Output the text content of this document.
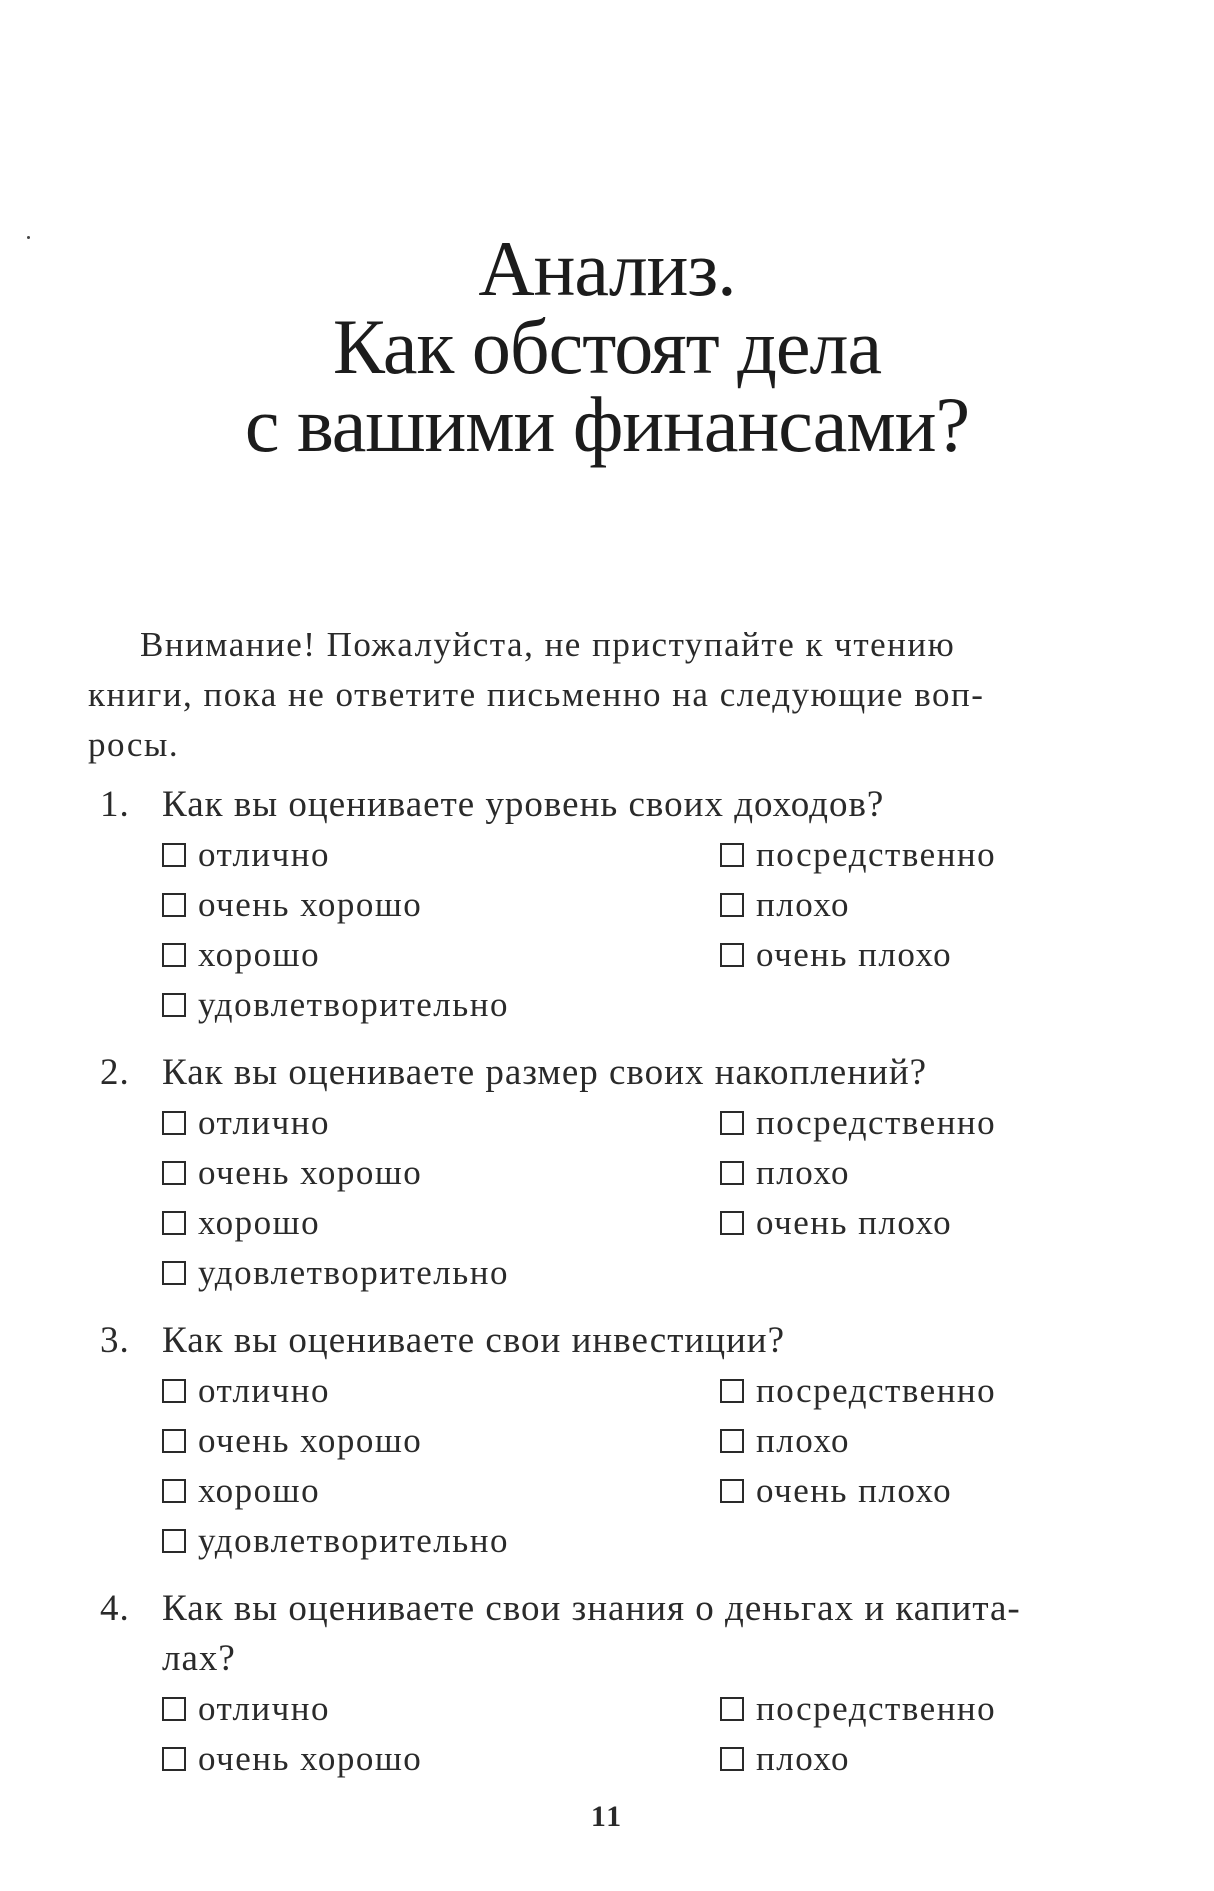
Анализ.
Как обстоят дела
с вашими финансами?
Внимание! Пожалуйста, не приступайте к чтению
книги, пока не ответите письменно на следующие воп-
росы.
1. Как вы оцениваете уровень своих доходов?
отлично
очень хорошо
хорошо
удовлетворительно
посредственно
плохо
очень плохо
2. Как вы оцениваете размер своих накоплений?
отлично
очень хорошо
хорошо
удовлетворительно
посредственно
плохо
очень плохо
3. Как вы оцениваете свои инвестиции?
отлично
очень хорошо
хорошо
удовлетворительно
посредственно
плохо
очень плохо
4. Как вы оцениваете свои знания о деньгах и капита-
лах?
отлично
очень хорошо
посредственно
плохо
11
